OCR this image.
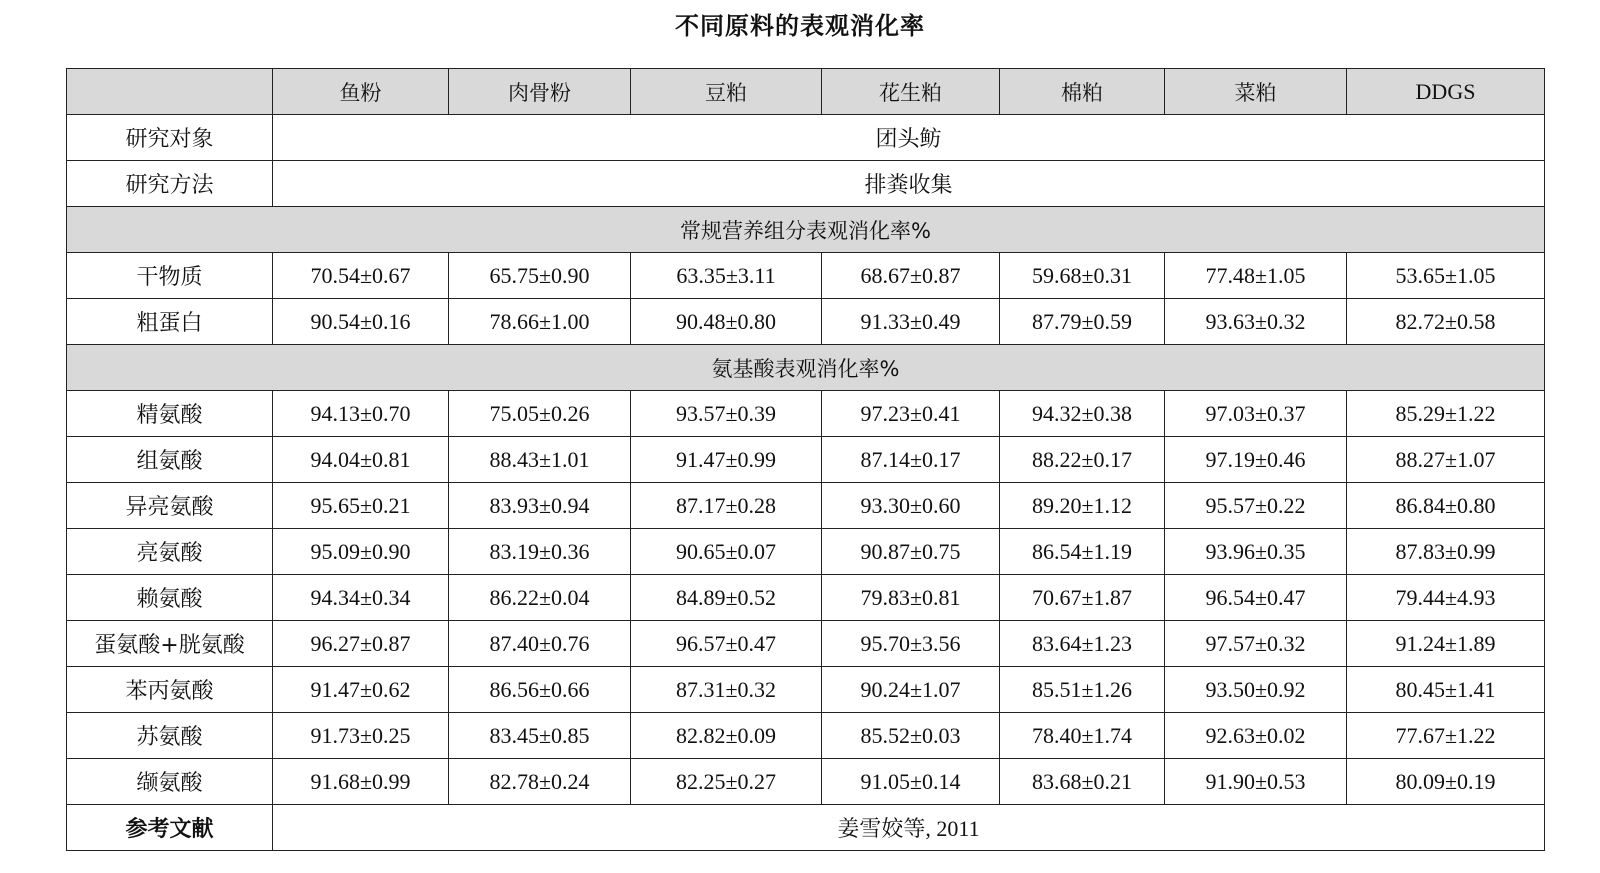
不同原料的表观消化率
	鱼粉	肉骨粉	豆粕	花生粕	棉粕	菜粕	DDGS
研究对象	团头鲂						
研究方法	排粪收集						
常规营养组分表观消化率%							
干物质	70.54±0.67	65.75±0.90	63.35±3.11	68.67±0.87	59.68±0.31	77.48±1.05	53.65±1.05
粗蛋白	90.54±0.16	78.66±1.00	90.48±0.80	91.33±0.49	87.79±0.59	93.63±0.32	82.72±0.58
氨基酸表观消化率%							
精氨酸	94.13±0.70	75.05±0.26	93.57±0.39	97.23±0.41	94.32±0.38	97.03±0.37	85.29±1.22
组氨酸	94.04±0.81	88.43±1.01	91.47±0.99	87.14±0.17	88.22±0.17	97.19±0.46	88.27±1.07
异亮氨酸	95.65±0.21	83.93±0.94	87.17±0.28	93.30±0.60	89.20±1.12	95.57±0.22	86.84±0.80
亮氨酸	95.09±0.90	83.19±0.36	90.65±0.07	90.87±0.75	86.54±1.19	93.96±0.35	87.83±0.99
赖氨酸	94.34±0.34	86.22±0.04	84.89±0.52	79.83±0.81	70.67±1.87	96.54±0.47	79.44±4.93
蛋氨酸+胱氨酸	96.27±0.87	87.40±0.76	96.57±0.47	95.70±3.56	83.64±1.23	97.57±0.32	91.24±1.89
苯丙氨酸	91.47±0.62	86.56±0.66	87.31±0.32	90.24±1.07	85.51±1.26	93.50±0.92	80.45±1.41
苏氨酸	91.73±0.25	83.45±0.85	82.82±0.09	85.52±0.03	78.40±1.74	92.63±0.02	77.67±1.22
缬氨酸	91.68±0.99	82.78±0.24	82.25±0.27	91.05±0.14	83.68±0.21	91.90±0.53	80.09±0.19
参考文献	姜雪姣等, 2011						
